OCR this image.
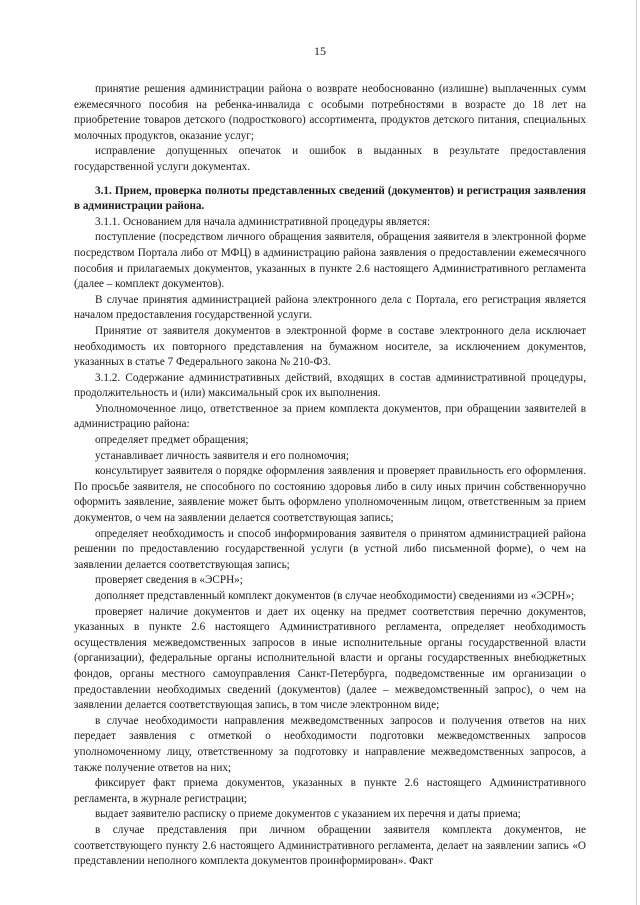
15

принятие решения администрации района о возврате необоснованно (излишне) выплаченных сумм ежемесячного пособия на ребенка-инвалида с особыми потребностями в возрасте до 18 лет на приобретение товаров детского (подросткового) ассортимента, продуктов детского питания, специальных молочных продуктов, оказание услуг;

исправление допущенных опечаток и ошибок в выданных в результате предоставления государственной услуги документах.

3.1. Прием, проверка полноты представленных сведений (документов) и регистрация заявления в администрации района.

3.1.1. Основанием для начала административной процедуры является:

поступление (посредством личного обращения заявителя, обращения заявителя в электронной форме посредством Портала либо от МФЦ) в администрацию района заявления о предоставлении ежемесячного пособия и прилагаемых документов, указанных в пункте 2.6 настоящего Административного регламента (далее – комплект документов).

В случае принятия администрацией района электронного дела с Портала, его регистрация является началом предоставления государственной услуги.

Принятие от заявителя документов в электронной форме в составе электронного дела исключает необходимость их повторного представления на бумажном носителе, за исключением документов, указанных в статье 7 Федерального закона № 210-ФЗ.

3.1.2. Содержание административных действий, входящих в состав административной процедуры, продолжительность и (или) максимальный срок их выполнения.

Уполномоченное лицо, ответственное за прием комплекта документов, при обращении заявителей в администрацию района:

определяет предмет обращения;

устанавливает личность заявителя и его полномочия;

консультирует заявителя о порядке оформления заявления и проверяет правильность его оформления. По просьбе заявителя, не способного по состоянию здоровья либо в силу иных причин собственноручно оформить заявление, заявление может быть оформлено уполномоченным лицом, ответственным за прием документов, о чем на заявлении делается соответствующая запись;

определяет необходимость и способ информирования заявителя о принятом администрацией района решении по предоставлению государственной услуги (в устной либо письменной форме), о чем на заявлении делается соответствующая запись;

проверяет сведения в «ЭСРН»;

дополняет представленный комплект документов (в случае необходимости) сведениями из «ЭСРН»;

проверяет наличие документов и дает их оценку на предмет соответствия перечню документов, указанных в пункте 2.6 настоящего Административного регламента, определяет необходимость осуществления межведомственных запросов в иные исполнительные органы государственной власти (организации), федеральные органы исполнительной власти и органы государственных внебюджетных фондов, органы местного самоуправления Санкт-Петербурга, подведомственные им организации о предоставлении необходимых сведений (документов) (далее – межведомственный запрос), о чем на заявлении делается соответствующая запись, в том числе электронном виде;

в случае необходимости направления межведомственных запросов и получения ответов на них передает заявления с отметкой о необходимости подготовки межведомственных запросов уполномоченному лицу, ответственному за подготовку и направление межведомственных запросов, а также получение ответов на них;

фиксирует факт приема документов, указанных в пункте 2.6 настоящего Административного регламента, в журнале регистрации;

выдает заявителю расписку о приеме документов с указанием их перечня и даты приема;

в случае представления при личном обращении заявителя комплекта документов, не соответствующего пункту 2.6 настоящего Административного регламента, делает на заявлении запись «О представлении неполного комплекта документов проинформирован». Факт
